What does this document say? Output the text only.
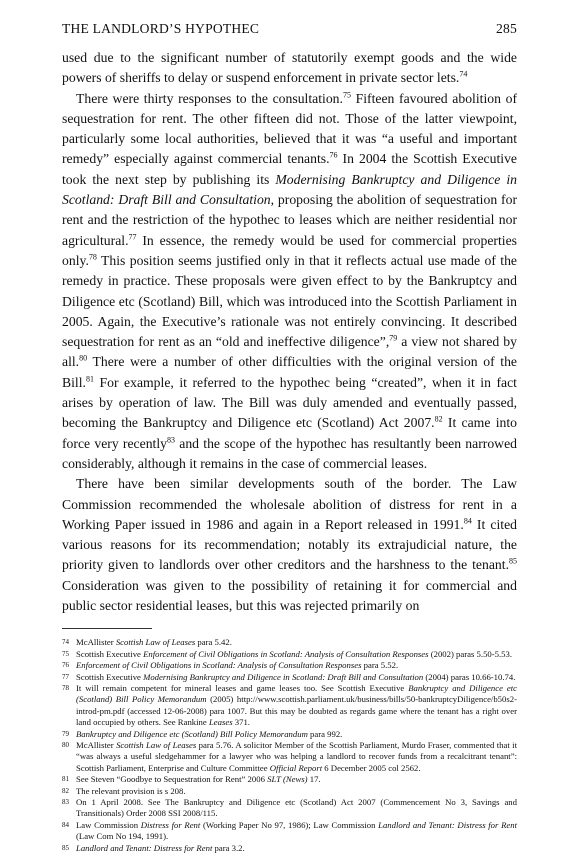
THE LANDLORD’S HYPOTHEC	285

used due to the significant number of statutorily exempt goods and the wide powers of sheriffs to delay or suspend enforcement in private sector lets.$^{74}$

There were thirty responses to the consultation.$^{75}$ Fifteen favoured abolition of sequestration for rent. The other fifteen did not. Those of the latter viewpoint, particularly some local authorities, believed that it was “a useful and important remedy” especially against commercial tenants.$^{76}$ In 2004 the Scottish Executive took the next step by publishing its Modernising Bankruptcy and Diligence in Scotland: Draft Bill and Consultation, proposing the abolition of sequestration for rent and the restriction of the hypothec to leases which are neither residential nor agricultural.$^{77}$ In essence, the remedy would be used for commercial properties only.$^{78}$ This position seems justified only in that it reflects actual use made of the remedy in practice. These proposals were given effect to by the Bankruptcy and Diligence etc (Scotland) Bill, which was introduced into the Scottish Parliament in 2005. Again, the Executive’s rationale was not entirely convincing. It described sequestration for rent as an “old and ineffective diligence”,$^{79}$ a view not shared by all.$^{80}$ There were a number of other difficulties with the original version of the Bill.$^{81}$ For example, it referred to the hypothec being “created”, when it in fact arises by operation of law. The Bill was duly amended and eventually passed, becoming the Bankruptcy and Diligence etc (Scotland) Act 2007.82 It came into force very recently$^{83}$ and the scope of the hypothec has resultantly been narrowed considerably, although it remains in the case of commercial leases.

There have been similar developments south of the border. The Law Commission recommended the wholesale abolition of distress for rent in a Working Paper issued in 1986 and again in a Report released in 1991.84 It cited various reasons for its recommendation; notably its extrajudicial nature, the priority given to landlords over other creditors and the harshness to the tenant.$^{85}$ Consideration was given to the possibility of retaining it for commercial and public sector residential leases, but this was rejected primarily on

74 McAllister Scottish Law of Leases para 5.42.
75 Scottish Executive Enforcement of Civil Obligations in Scotland: Analysis of Consultation Responses (2002) paras 5.50-5.53.
76 Enforcement of Civil Obligations in Scotland: Analysis of Consultation Responses para 5.52.
77 Scottish Executive Modernising Bankruptcy and Diligence in Scotland: Draft Bill and Consultation (2004) paras 10.66-10.74.
78 It will remain competent for mineral leases and game leases too. See Scottish Executive Bankruptcy and Diligence etc (Scotland) Bill Policy Memorandum (2005) http://www.scottish.parliament.uk/business/bills/50-bankruptcyDiligence/b50s2-introd-pm.pdf (accessed 12-06-2008) para 1007. But this may be doubted as regards game where the tenant has a right over land occupied by others. See Rankine Leases 371.
79 Bankruptcy and Diligence etc (Scotland) Bill Policy Memorandum para 992.
80 McAllister Scottish Law of Leases para 5.76. A solicitor Member of the Scottish Parliament, Murdo Fraser, commented that it “was always a useful sledgehammer for a lawyer who was helping a landlord to recover funds from a recalcitrant tenant”: Scottish Parliament, Enterprise and Culture Committee Official Report 6 December 2005 col 2562.
81 See Steven “Goodbye to Sequestration for Rent” 2006 SLT (News) 17.
82 The relevant provision is s 208.
83 On 1 April 2008. See The Bankruptcy and Diligence etc (Scotland) Act 2007 (Commencement No 3, Savings and Transitionals) Order 2008 SSI 2008/115.
84 Law Commission Distress for Rent (Working Paper No 97, 1986); Law Commission Landlord and Tenant: Distress for Rent (Law Com No 194, 1991).
85 Landlord and Tenant: Distress for Rent para 3.2.
